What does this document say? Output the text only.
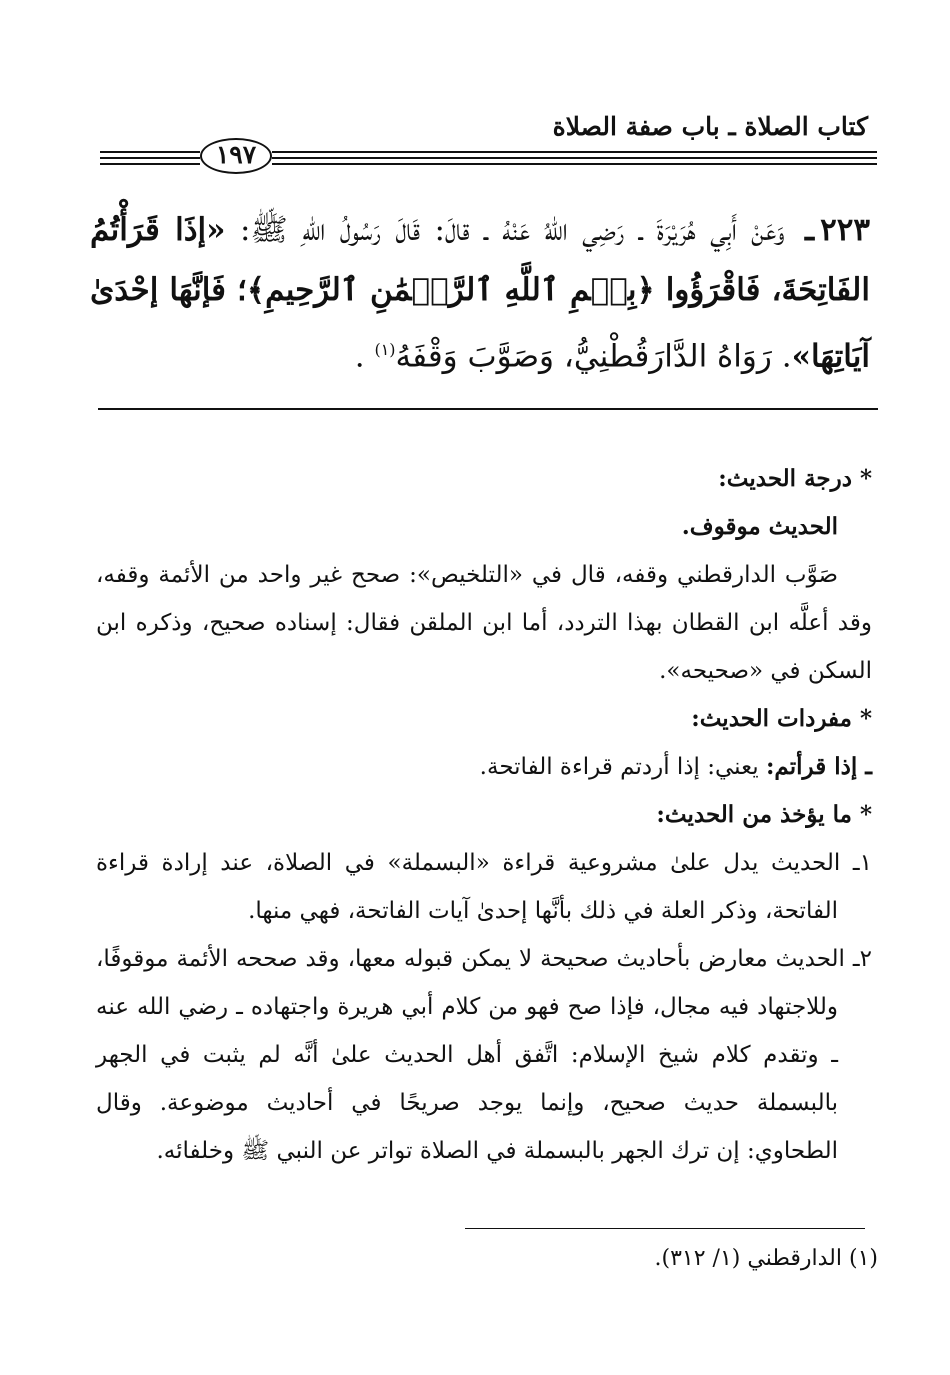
كتاب الصلاة ـ باب صفة الصلاة
١٩٧
٢٢٣ـ وَعَنْ أَبِي هُرَيْرَةَ ـ رَضِي اللهُ عَنْهُ ـ قالَ: قَالَ رَسُولُ اللهِ ﷺ: «إذَا قَرَأْتُمُ الفَاتِحَةَ، فَاقْرَؤُوا ﴿بِسۡمِ ٱللَّهِ ٱلرَّحۡمَٰنِ ٱلرَّحِيمِ﴾؛ فَإنَّهَا إحْدَىٰ آيَاتِهَا». رَوَاهُ الدَّارَقُطْنِيُّ، وَصَوَّبَ وَقْفَهُ$^{(١)}$ .

* درجة الحديث:

الحديث موقوف.

صَوَّب الدارقطني وقفه، قال في «التلخيص»: صحح غير واحد من الأئمة وقفه، وقد أعلَّه ابن القطان بهذا التردد، أما ابن الملقن فقال: إسناده صحيح، وذكره ابن السكن في «صحيحه».

* مفردات الحديث:

ـ إذا قرأتم: يعني: إذا أردتم قراءة الفاتحة.

* ما يؤخذ من الحديث:

١ـ الحديث يدل علىٰ مشروعية قراءة «البسملة» في الصلاة، عند إرادة قراءة الفاتحة، وذكر العلة في ذلك بأنَّها إحدىٰ آيات الفاتحة، فهي منها.

٢ـ الحديث معارض بأحاديث صحيحة لا يمكن قبوله معها، وقد صححه الأئمة موقوفًا، وللاجتهاد فيه مجال، فإذا صح فهو من كلام أبي هريرة واجتهاده ـ رضي الله عنه ـ وتقدم كلام شيخ الإسلام: اتَّفق أهل الحديث علىٰ أنَّه لم يثبت في الجهر بالبسملة حديث صحيح، وإنما يوجد صريحًا في أحاديث موضوعة. وقال الطحاوي: إن ترك الجهر بالبسملة في الصلاة تواتر عن النبي ﷺ وخلفائه.

(١) الدارقطني (١/ ٣١٢).
